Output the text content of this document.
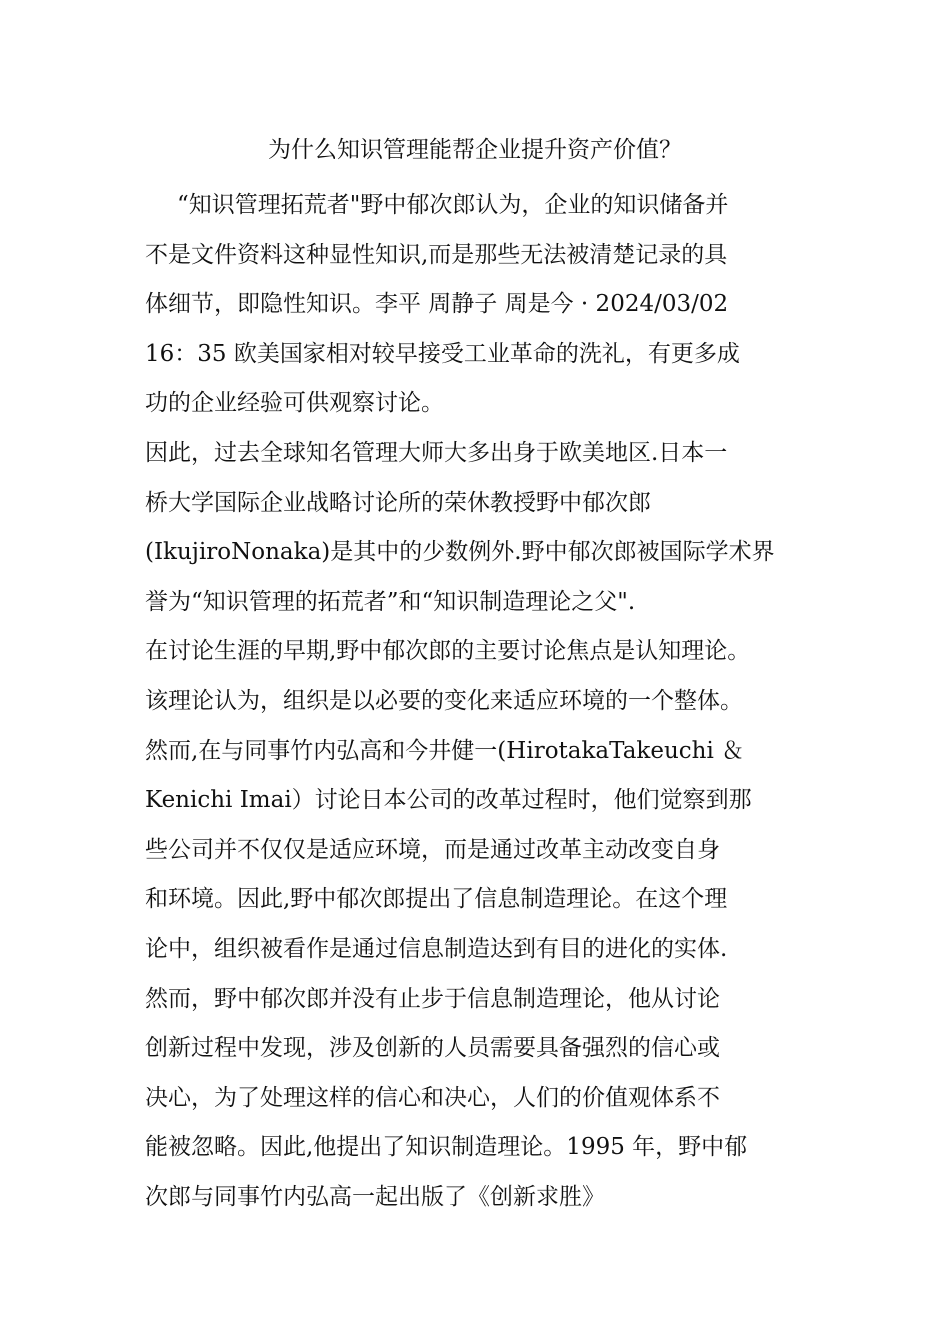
为什么知识管理能帮企业提升资产价值？
“知识管理拓荒者"野中郁次郎认为，企业的知识储备并
不是文件资料这种显性知识,而是那些无法被清楚记录的具
体细节，即隐性知识。李平 周静子 周是今 · 2024/03/02
16：35 欧美国家相对较早接受工业革命的洗礼，有更多成
功的企业经验可供观察讨论。
因此，过去全球知名管理大师大多出身于欧美地区.日本一
桥大学国际企业战略讨论所的荣休教授野中郁次郎
(IkujiroNonaka)是其中的少数例外.野中郁次郎被国际学术界
誉为“知识管理的拓荒者”和“知识制造理论之父".
在讨论生涯的早期,野中郁次郎的主要讨论焦点是认知理论。
该理论认为，组织是以必要的变化来适应环境的一个整体。
然而,在与同事竹内弘高和今井健一(HirotakaTakeuchi ＆
Kenichi Imai）讨论日本公司的改革过程时，他们觉察到那
些公司并不仅仅是适应环境，而是通过改革主动改变自身
和环境。因此,野中郁次郎提出了信息制造理论。在这个理
论中，组织被看作是通过信息制造达到有目的进化的实体.
然而，野中郁次郎并没有止步于信息制造理论，他从讨论
创新过程中发现，涉及创新的人员需要具备强烈的信心或
决心，为了处理这样的信心和决心，人们的价值观体系不
能被忽略。因此,他提出了知识制造理论。1995 年，野中郁
次郎与同事竹内弘高一起出版了《创新求胜》
